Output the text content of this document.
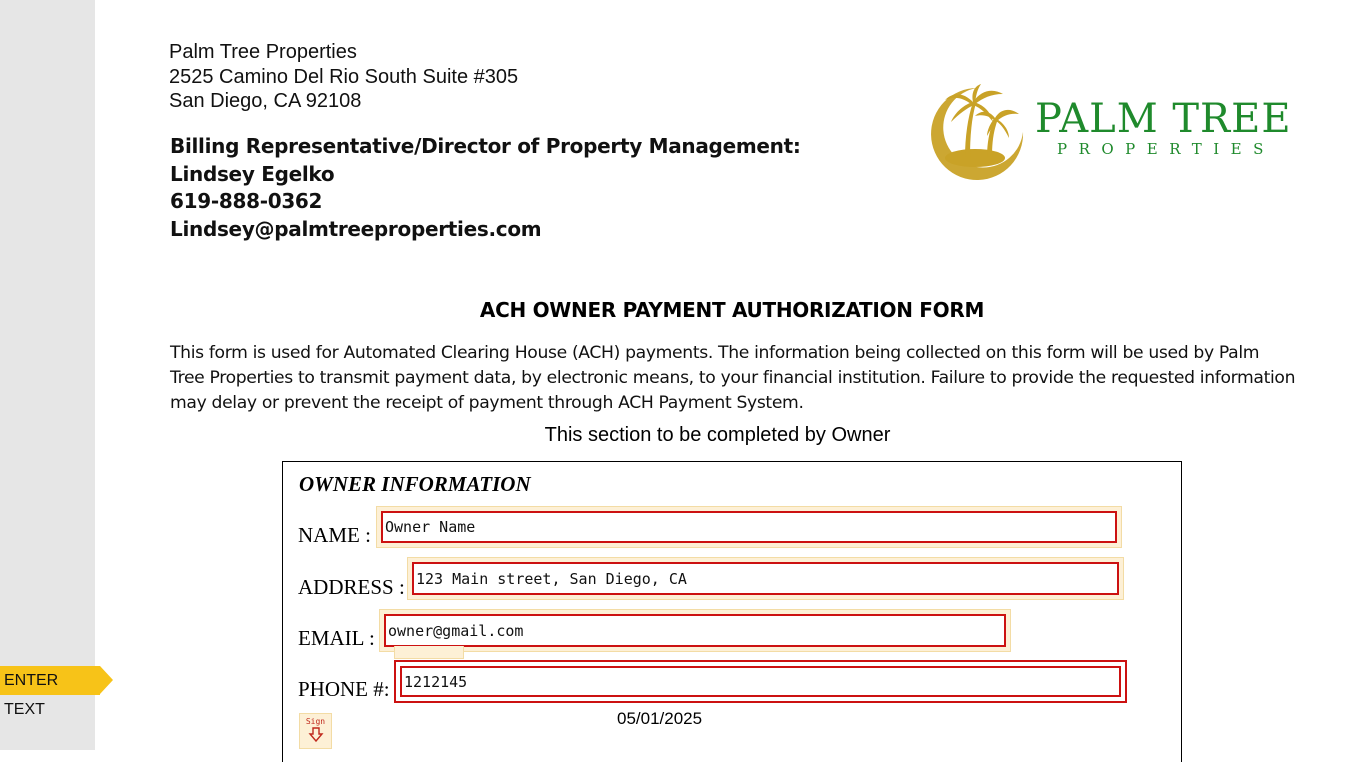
Palm Tree Properties
2525 Camino Del Rio South Suite #305
San Diego, CA 92108
Billing Representative/Director of Property Management:
Lindsey Egelko
619-888-0362
Lindsey@palmtreeproperties.com
PALM TREE
PROPERTIES
ACH OWNER PAYMENT AUTHORIZATION FORM
This form is used for Automated Clearing House (ACH) payments. The information being collected on this form will be used by Palm Tree Properties to transmit payment data, by electronic means, to your financial institution. Failure to provide the requested information may delay or prevent the receipt of payment through ACH Payment System.
This section to be completed by Owner
OWNER INFORMATION
NAME :
Owner Name
ADDRESS :
123 Main street, San Diego, CA
EMAIL :
owner@gmail.com
PHONE #:
1212145
ENTER TEXT
Sign	05/01/2025
